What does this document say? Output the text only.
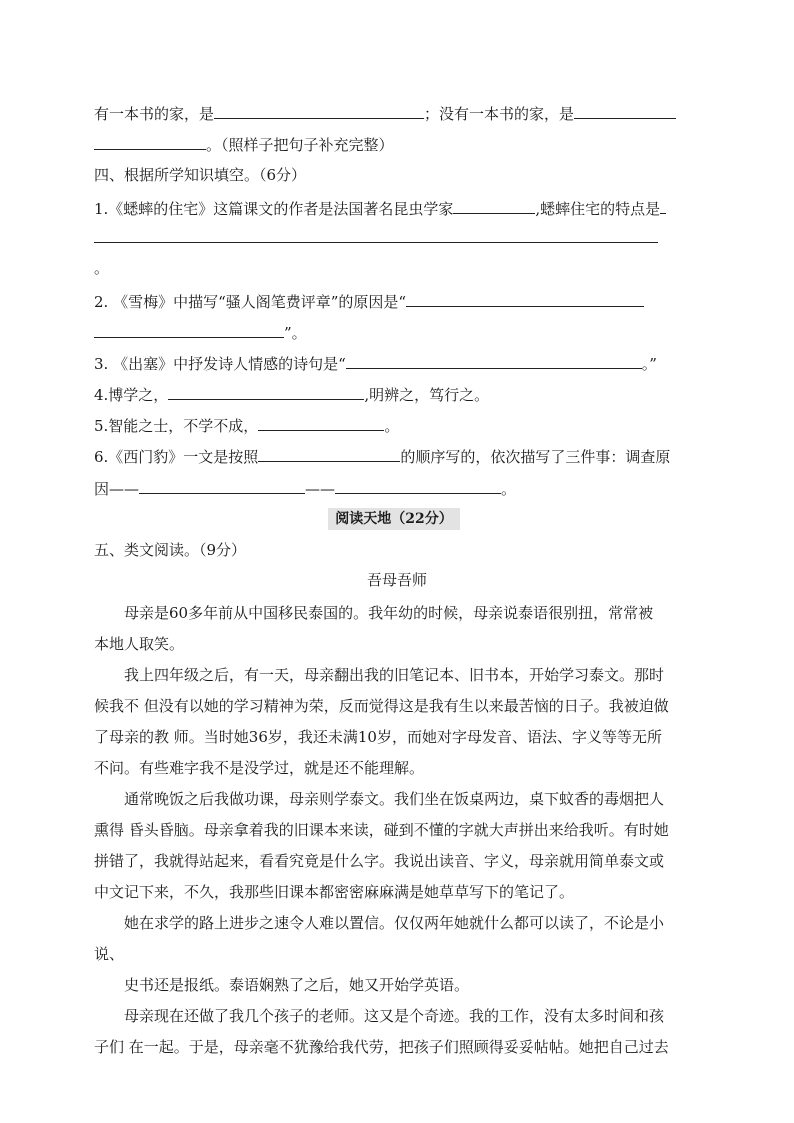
有一本书的家，是	；没有一本书的家，是
。（照样子把句子补充完整）
四、根据所学知识填空。（6分）
1.《蟋蟀的住宅》这篇课文的作者是法国著名昆虫学家	,蟋蟀住宅的特点是
。
2. 《雪梅》中描写“骚人阁笔费评章”的原因是“
”。
3. 《出塞》中抒发诗人情感的诗句是“	。”
4.博学之，	,明辨之，笃行之。
5.智能之士，不学不成，	。
6.《西门豹》一文是按照	的顺序写的，依次描写了三件事：调查原
因——	——	。
阅读天地（22分）
五、类文阅读。（9分）
吾母吾师
母亲是60多年前从中国移民泰国的。我年幼的时候，母亲说泰语很别扭，常常被
本地人取笑。
我上四年级之后，有一天，母亲翻出我的旧笔记本、旧书本，开始学习泰文。那时
候我不 但没有以她的学习精神为荣，反而觉得这是我有生以来最苦恼的日子。我被迫做
了母亲的教 师。当时她36岁，我还未满10岁，而她对字母发音、语法、字义等等无所
不问。有些难字我不是没学过，就是还不能理解。
通常晚饭之后我做功课，母亲则学泰文。我们坐在饭桌两边，桌下蚊香的毒烟把人
熏得 昏头昏脑。母亲拿着我的旧课本来读，碰到不懂的字就大声拼出来给我听。有时她
拼错了，我就得站起来，看看究竟是什么字。我说出读音、字义，母亲就用简单泰文或
中文记下来，不久，我那些旧课本都密密麻麻满是她草草写下的笔记了。
她在求学的路上进步之速令人难以置信。仅仅两年她就什么都可以读了，不论是小
说、
史书还是报纸。泰语娴熟了之后，她又开始学英语。
母亲现在还做了我几个孩子的老师。这又是个奇迹。我的工作，没有太多时间和孩
子们 在一起。于是，母亲毫不犹豫给我代劳，把孩子们照顾得妥妥帖帖。她把自己过去
